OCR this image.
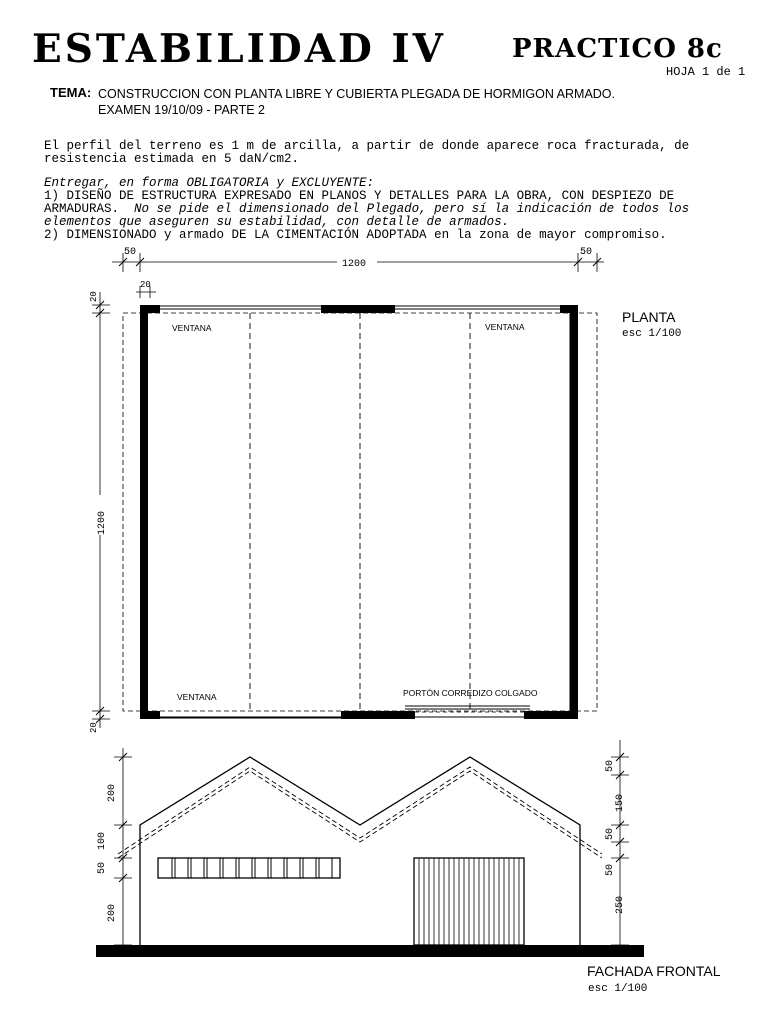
ESTABILIDAD IV	PRACTICO 8c
HOJA 1 de 1
TEMA: CONSTRUCCION CON PLANTA LIBRE Y CUBIERTA PLEGADA DE HORMIGON ARMADO.
EXAMEN 19/10/09 - PARTE 2
El perfil del terreno es 1 m de arcilla, a partir de donde aparece roca fracturada, de
resistencia estimada en 5 daN/cm2.
Entregar, en forma OBLIGATORIA y EXCLUYENTE:
1) DISEÑO DE ESTRUCTURA EXPRESADO EN PLANOS Y DETALLES PARA LA OBRA, CON DESPIEZO DE
ARMADURAS. No se pide el dimensionado del Plegado, pero sí la indicación de todos los
elementos que aseguren su estabilidad, con detalle de armados.
2) DIMENSIONADO y armado DE LA CIMENTACIÓN ADOPTADA en la zona de mayor compromiso.
50	50
1200
20
20
1200
20
VENTANA	VENTANA
VENTANA	PORTÓN CORREDIZO COLGADO
PLANTA
esc 1/100
200
100
50
200
50
150
50
50
250
FACHADA FRONTAL
esc 1/100
